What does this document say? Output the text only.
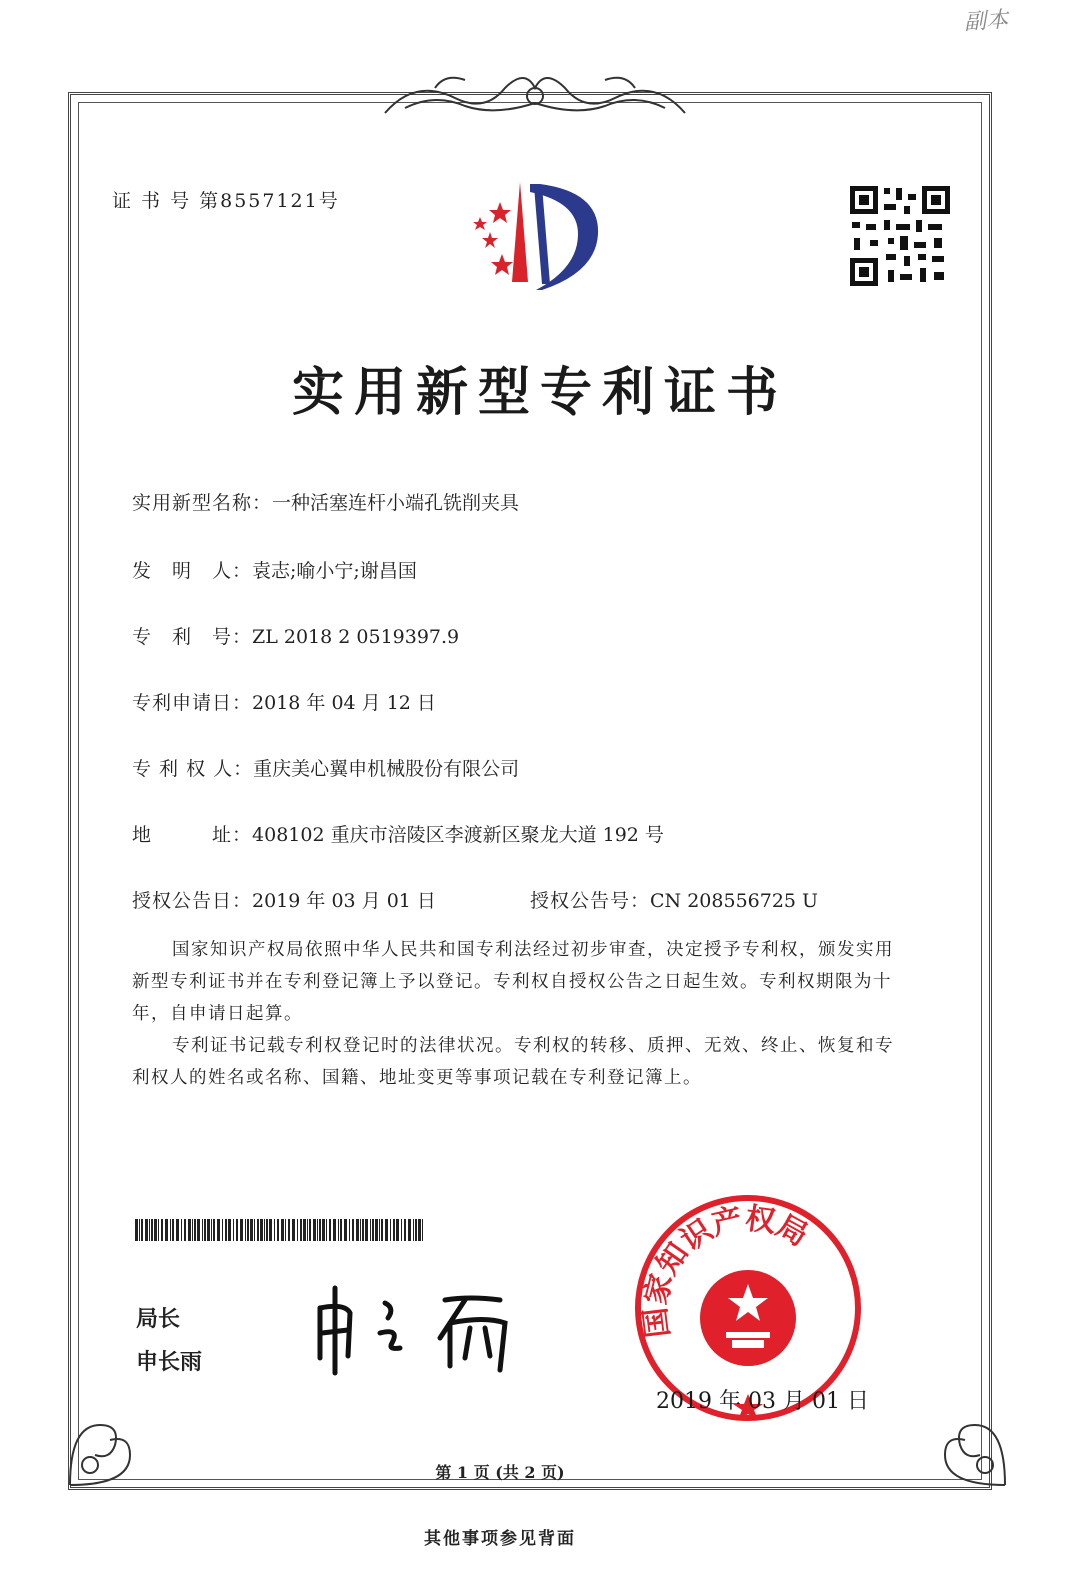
副本
证 书 号 第8557121号
实用新型专利证书
实用新型名称：一种活塞连杆小端孔铣削夹具
发　明　人：袁志;喻小宁;谢昌国
专　利　号：ZL 2018 2 0519397.9
专利申请日：2018 年 04 月 12 日
专 利 权 人：重庆美心翼申机械股份有限公司
地　　　址：408102 重庆市涪陵区李渡新区聚龙大道 192 号
授权公告日：2019 年 03 月 01 日	授权公告号：CN 208556725 U
国家知识产权局依照中华人民共和国专利法经过初步审查，决定授予专利权，颁发实用
新型专利证书并在专利登记簿上予以登记。专利权自授权公告之日起生效。专利权期限为十
年，自申请日起算。
专利证书记载专利权登记时的法律状况。专利权的转移、质押、无效、终止、恢复和专
利权人的姓名或名称、国籍、地址变更等事项记载在专利登记簿上。
局长
申长雨
国家知识产权局
2019 年 03 月 01 日
第 1 页 (共 2 页)
其他事项参见背面
